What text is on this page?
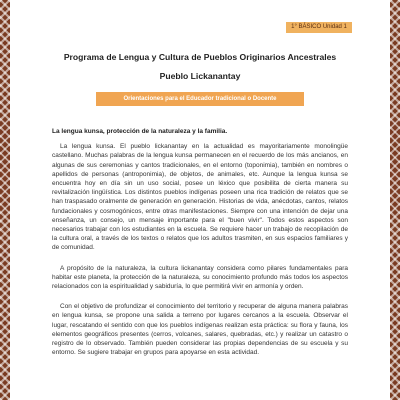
1° BÁSICO Unidad 1
Programa de Lengua y Cultura de Pueblos Originarios Ancestrales
Pueblo Lickanantay
Orientaciones para el Educador tradicional o Docente
La lengua kunsa, protección de la naturaleza y la familia.

La lengua kunsa. El pueblo lickanantay en la actualidad es mayoritariamente monolingüe castellano. Muchas palabras de la lengua kunsa permanecen en el recuerdo de los más ancianos, en algunas de sus ceremonias y cantos tradicionales, en el entorno (toponimia), también en nombres o apellidos de personas (antroponimia), de objetos, de animales, etc. Aunque la lengua kunsa se encuentra hoy en día sin un uso social, posee un léxico que posibilita de cierta manera su revitalización lingüística. Los distintos pueblos indígenas poseen una rica tradición de relatos que se han traspasado oralmente de generación en generación. Historias de vida, anécdotas, cantos, relatos fundacionales y cosmogónicos, entre otras manifestaciones. Siempre con una intención de dejar una enseñanza, un consejo, un mensaje importante para el "buen vivir". Todos estos aspectos son necesarios trabajar con los estudiantes en la escuela. Se requiere hacer un trabajo de recopilación de la cultura oral, a través de los textos o relatos que los adultos trasmiten, en sus espacios familiares y de comunidad.

A propósito de la naturaleza, la cultura lickanantay considera como pilares fundamentales para habitar este planeta, la protección de la naturaleza, su conocimiento profundo más todos los aspectos relacionados con la espiritualidad y sabiduría, lo que permitirá vivir en armonía y orden.

Con el objetivo de profundizar el conocimiento del territorio y recuperar de alguna manera palabras en lengua kunsa, se propone una salida a terreno por lugares cercanos a la escuela. Observar el lugar, rescatando el sentido con que los pueblos indígenas realizan esta práctica: su flora y fauna, los elementos geográficos presentes (cerros, volcanes, salares, quebradas, etc.) y realizar un catastro o registro de lo observado. También pueden considerar las propias dependencias de su escuela y su entorno. Se sugiere trabajar en grupos para apoyarse en esta actividad.
